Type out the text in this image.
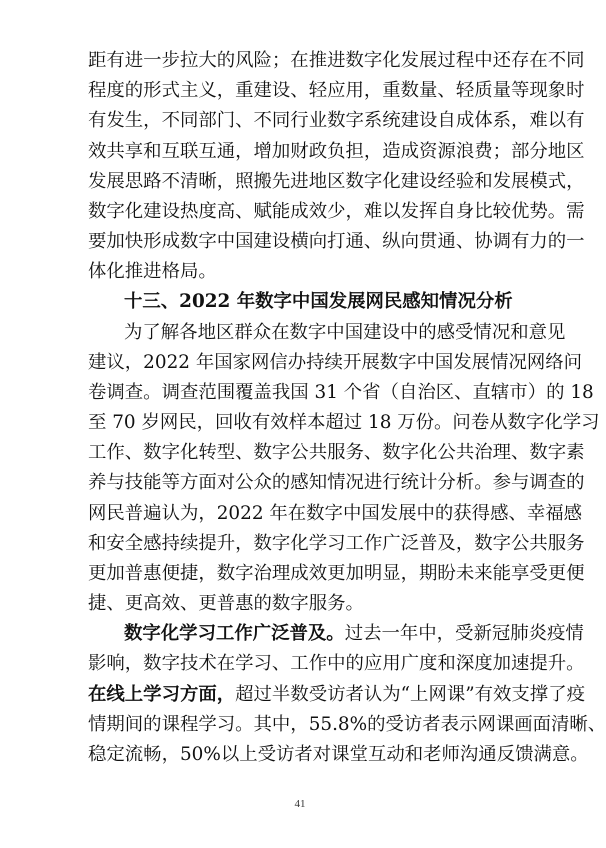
距有进一步拉大的风险；在推进数字化发展过程中还存在不同
程度的形式主义，重建设、轻应用，重数量、轻质量等现象时
有发生，不同部门、不同行业数字系统建设自成体系，难以有
效共享和互联互通，增加财政负担，造成资源浪费；部分地区
发展思路不清晰，照搬先进地区数字化建设经验和发展模式，
数字化建设热度高、赋能成效少，难以发挥自身比较优势。需
要加快形成数字中国建设横向打通、纵向贯通、协调有力的一
体化推进格局。
十三、2022 年数字中国发展网民感知情况分析
为了解各地区群众在数字中国建设中的感受情况和意见
建议，2022 年国家网信办持续开展数字中国发展情况网络问
卷调查。调查范围覆盖我国 31 个省（自治区、直辖市）的 18
至 70 岁网民，回收有效样本超过 18 万份。问卷从数字化学习
工作、数字化转型、数字公共服务、数字化公共治理、数字素
养与技能等方面对公众的感知情况进行统计分析。参与调查的
网民普遍认为，2022 年在数字中国发展中的获得感、幸福感
和安全感持续提升，数字化学习工作广泛普及，数字公共服务
更加普惠便捷，数字治理成效更加明显，期盼未来能享受更便
捷、更高效、更普惠的数字服务。
数字化学习工作广泛普及。过去一年中，受新冠肺炎疫情
影响，数字技术在学习、工作中的应用广度和深度加速提升。
在线上学习方面，超过半数受访者认为“上网课”有效支撑了疫
情期间的课程学习。其中，55.8%的受访者表示网课画面清晰、
稳定流畅，50%以上受访者对课堂互动和老师沟通反馈满意。
41
